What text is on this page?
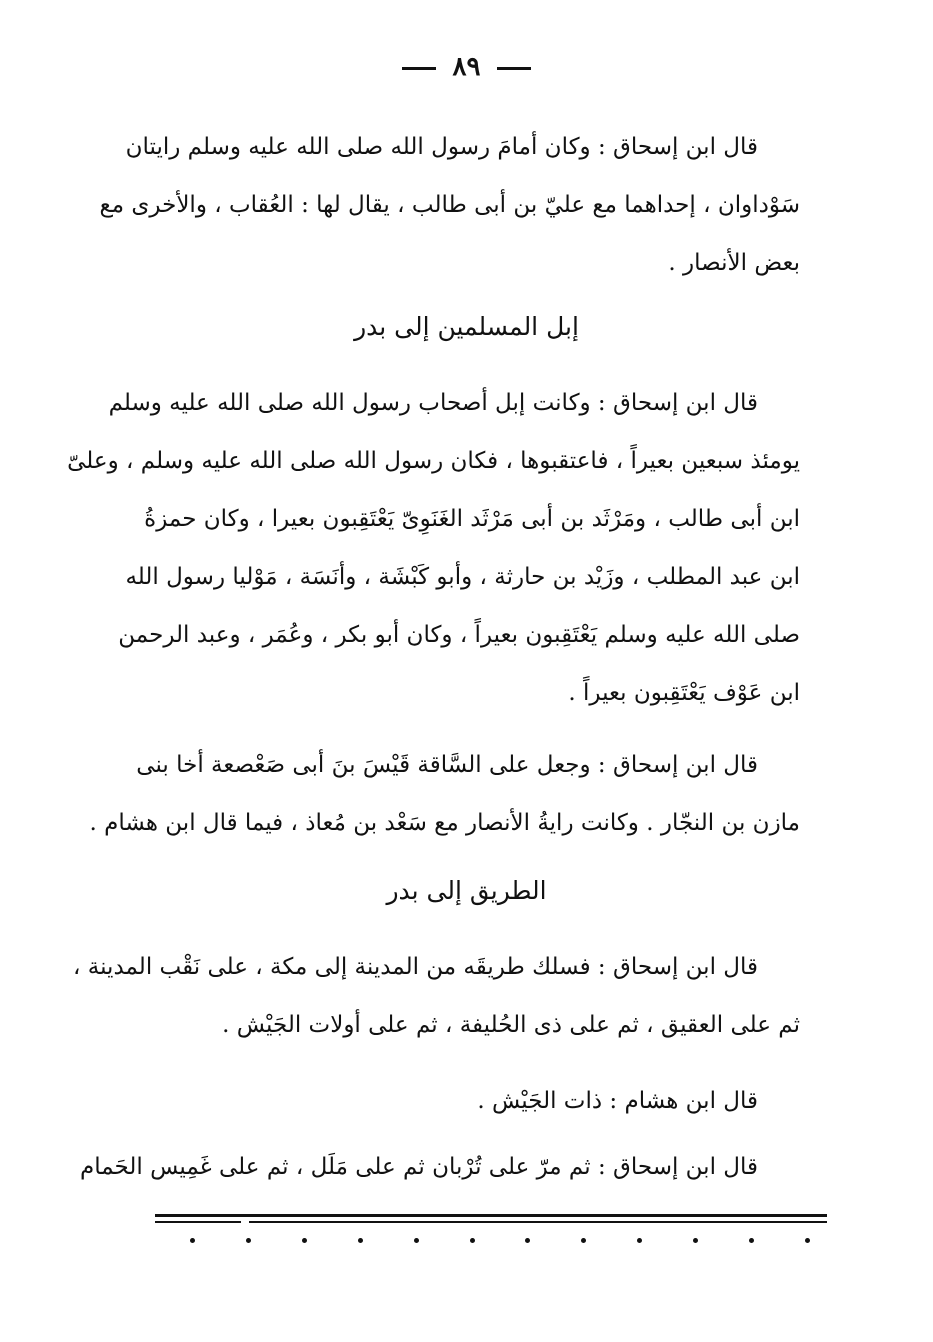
٨٩
قال ابن إسحاق : وكان أمامَ رسول الله صلى الله عليه وسلم رايتان
سَوْداوان ، إحداهما مع عليّ بن أبى طالب ، يقال لها : العُقاب ، والأخرى مع
بعض الأنصار .
إبل المسلمين إلى بدر
قال ابن إسحاق : وكانت إبل أصحاب رسول الله صلى الله عليه وسلم
يومئذ سبعين بعيراً ، فاعتقبوها ، فكان رسول الله صلى الله عليه وسلم ، وعلىّ
ابن أبى طالب ، ومَرْثَد بن أبى مَرْثَد الغَنَوِىّ يَعْتَقِبون بعيرا ، وكان حمزةُ
ابن عبد المطلب ، وزَيْد بن حارثة ، وأبو كَبْشَة ، وأنَسَة ، مَوْليا رسول الله
صلى الله عليه وسلم يَعْتَقِبون بعيراً ، وكان أبو بكر ، وعُمَر ، وعبد الرحمن
ابن عَوْف يَعْتَقِبون بعيراً .
قال ابن إسحاق : وجعل على السَّاقة قَيْسَ بنَ أبى صَعْصعة أخا بنى
مازن بن النجّار . وكانت رايةُ الأنصار مع سَعْد بن مُعاذ ، فيما قال ابن هشام .
الطريق إلى بدر
قال ابن إسحاق : فسلك طريقَه من المدينة إلى مكة ، على نَقْب المدينة ،
ثم على العقيق ، ثم على ذى الحُليفة ، ثم على أولات الجَيْش .
قال ابن هشام : ذات الجَيْش .
قال ابن إسحاق : ثم مرّ على تُرْبان ثم على مَلَل ، ثم على غَمِيس الحَمام
